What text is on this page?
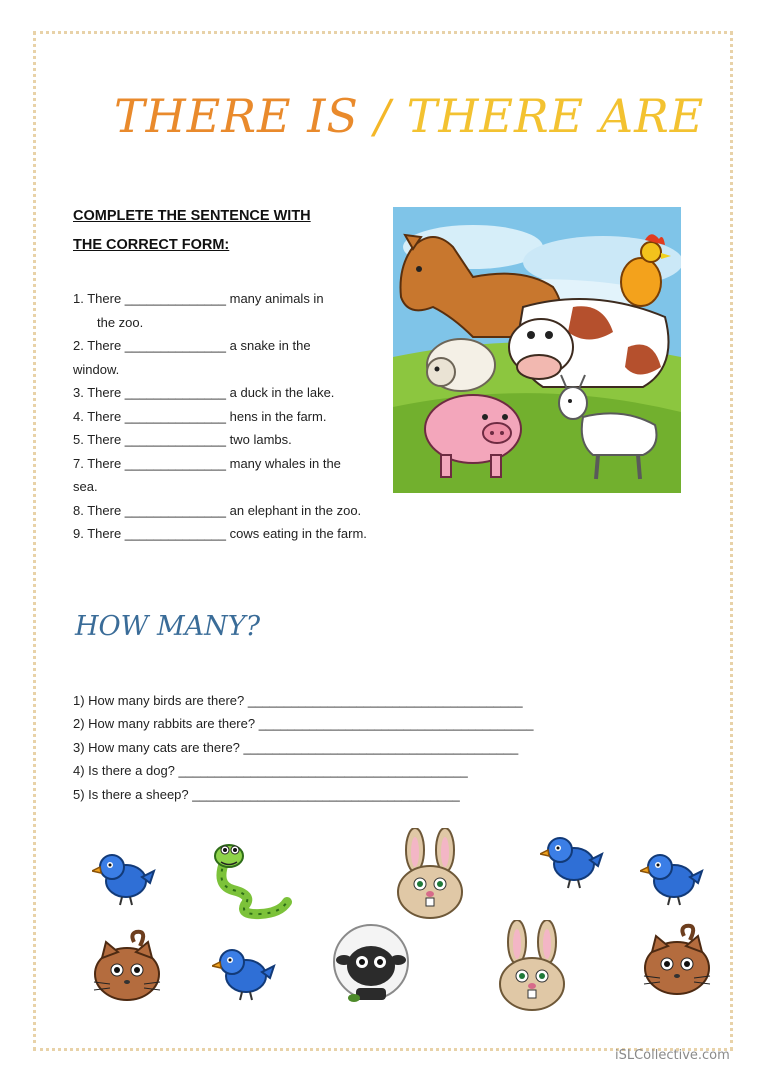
THERE IS / THERE ARE
COMPLETE THE SENTENCE WITH
THE CORRECT FORM:
1. There ______________ many animals in
the zoo.
2. There ______________ a snake in the
window.
3. There ______________ a duck in the lake.
4. There ______________ hens in the farm.
5. There ______________ two lambs.
7. There ______________ many whales in the
sea.
8. There ______________ an elephant in the zoo.
9. There ______________ cows eating in the farm.
HOW MANY?
1) How many birds are there? ______________________________________
2) How many rabbits are there? ______________________________________
3) How many cats are there? ______________________________________
4) Is there a dog? ________________________________________
5) Is there a sheep? _____________________________________
iSLCollective.com
